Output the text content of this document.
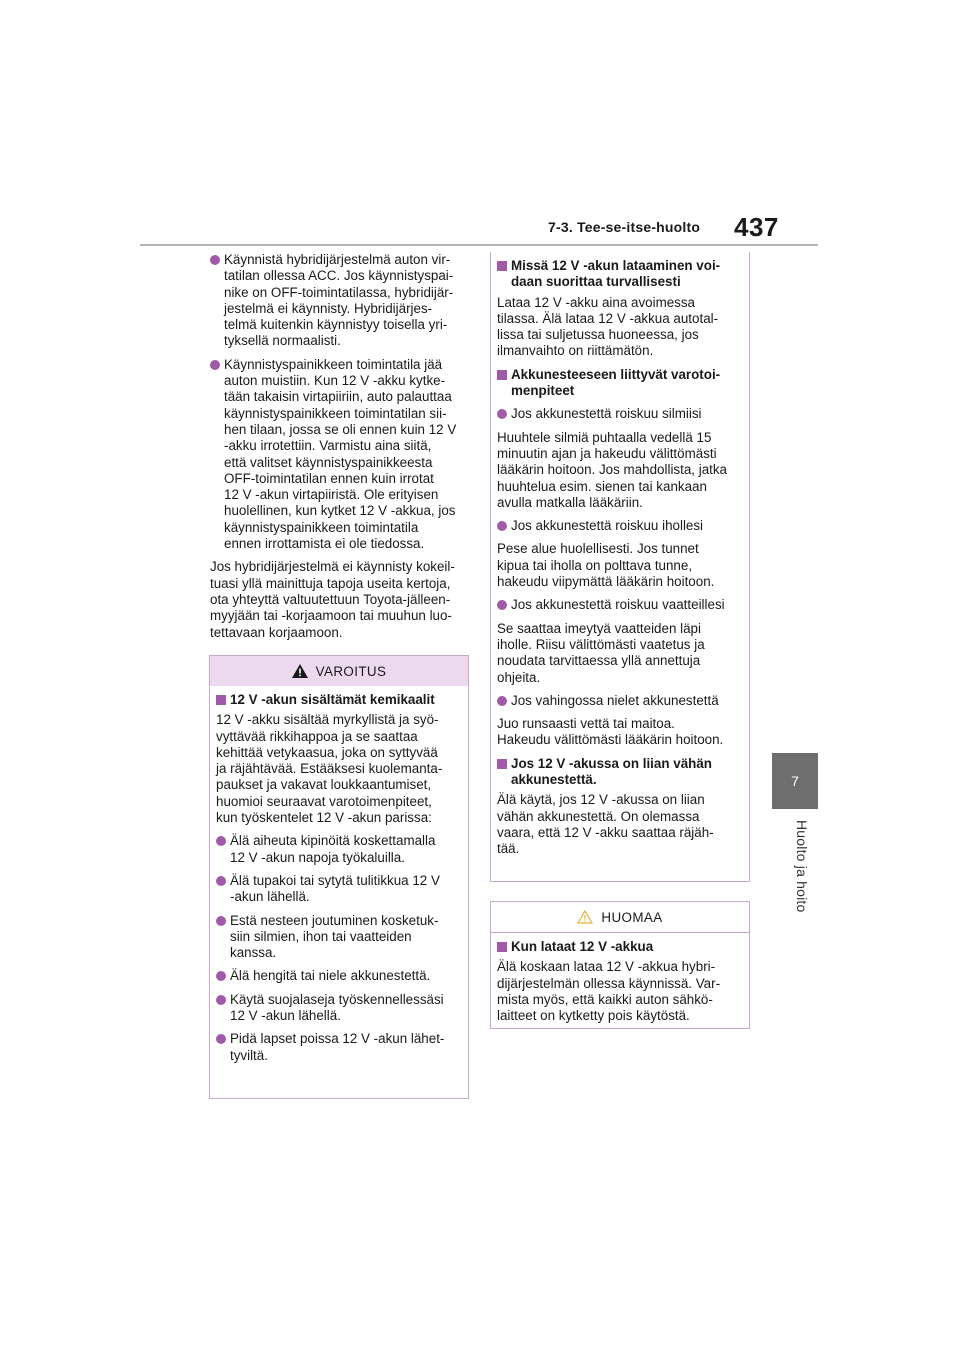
7-3. Tee-se-itse-huolto 437
7
Huolto ja hoito

Käynnistä hybridijärjestelmä auton vir-
tatilan ollessa ACC. Jos käynnistyspai-
nike on OFF-toimintatilassa, hybridijär-
jestelmä ei käynnisty. Hybridijärjes-
telmä kuitenkin käynnistyy toisella yri-
tyksellä normaalisti.

Käynnistyspainikkeen toimintatila jää
auton muistiin. Kun 12 V -akku kytke-
tään takaisin virtapiiriin, auto palauttaa
käynnistyspainikkeen toimintatilan sii-
hen tilaan, jossa se oli ennen kuin 12 V
-akku irrotettiin. Varmistu aina siitä,
että valitset käynnistyspainikkeesta
OFF-toimintatilan ennen kuin irrotat
12 V -akun virtapiiristä. Ole erityisen
huolellinen, kun kytket 12 V -akkua, jos
käynnistyspainikkeen toimintatila
ennen irrottamista ei ole tiedossa.

Jos hybridijärjestelmä ei käynnisty kokeil-
tuasi yllä mainittuja tapoja useita kertoja,
ota yhteyttä valtuutettuun Toyota-jälleen-
myyjään tai -korjaamoon tai muuhun luo-
tettavaan korjaamoon.

VAROITUS

12 V -akun sisältämät kemikaalit

12 V -akku sisältää myrkyllistä ja syö-
vyttävää rikkihappoa ja se saattaa
kehittää vetykaasua, joka on syttyvää
ja räjähtävää. Estääksesi kuolemanta-
paukset ja vakavat loukkaantumiset,
huomioi seuraavat varotoimenpiteet,
kun työskentelet 12 V -akun parissa:

Älä aiheuta kipinöitä koskettamalla
12 V -akun napoja työkaluilla.

Älä tupakoi tai sytytä tulitikkua 12 V
-akun lähellä.

Estä nesteen joutuminen kosketuk-
siin silmien, ihon tai vaatteiden
kanssa.

Älä hengitä tai niele akkunestettä.

Käytä suojalaseja työskennellessäsi
12 V -akun lähellä.

Pidä lapset poissa 12 V -akun lähet-
tyviltä.

Missä 12 V -akun lataaminen voi-
daan suorittaa turvallisesti

Lataa 12 V -akku aina avoimessa
tilassa. Älä lataa 12 V -akkua autotal-
lissa tai suljetussa huoneessa, jos
ilmanvaihto on riittämätön.

Akkunesteeseen liittyvät varotoi-
menpiteet

Jos akkunestettä roiskuu silmiisi

Huuhtele silmiä puhtaalla vedellä 15
minuutin ajan ja hakeudu välittömästi
lääkärin hoitoon. Jos mahdollista, jatka
huuhtelua esim. sienen tai kankaan
avulla matkalla lääkäriin.

Jos akkunestettä roiskuu ihollesi

Pese alue huolellisesti. Jos tunnet
kipua tai iholla on polttava tunne,
hakeudu viipymättä lääkärin hoitoon.

Jos akkunestettä roiskuu vaatteillesi

Se saattaa imeytyä vaatteiden läpi
iholle. Riisu välittömästi vaatetus ja
noudata tarvittaessa yllä annettuja
ohjeita.

Jos vahingossa nielet akkunestettä

Juo runsaasti vettä tai maitoa.
Hakeudu välittömästi lääkärin hoitoon.

Jos 12 V -akussa on liian vähän
akkunestettä.

Älä käytä, jos 12 V -akussa on liian
vähän akkunestettä. On olemassa
vaara, että 12 V -akku saattaa räjäh-
tää.

HUOMAA

Kun lataat 12 V -akkua

Älä koskaan lataa 12 V -akkua hybri-
dijärjestelmän ollessa käynnissä. Var-
mista myös, että kaikki auton sähkö-
laitteet on kytketty pois käytöstä.
